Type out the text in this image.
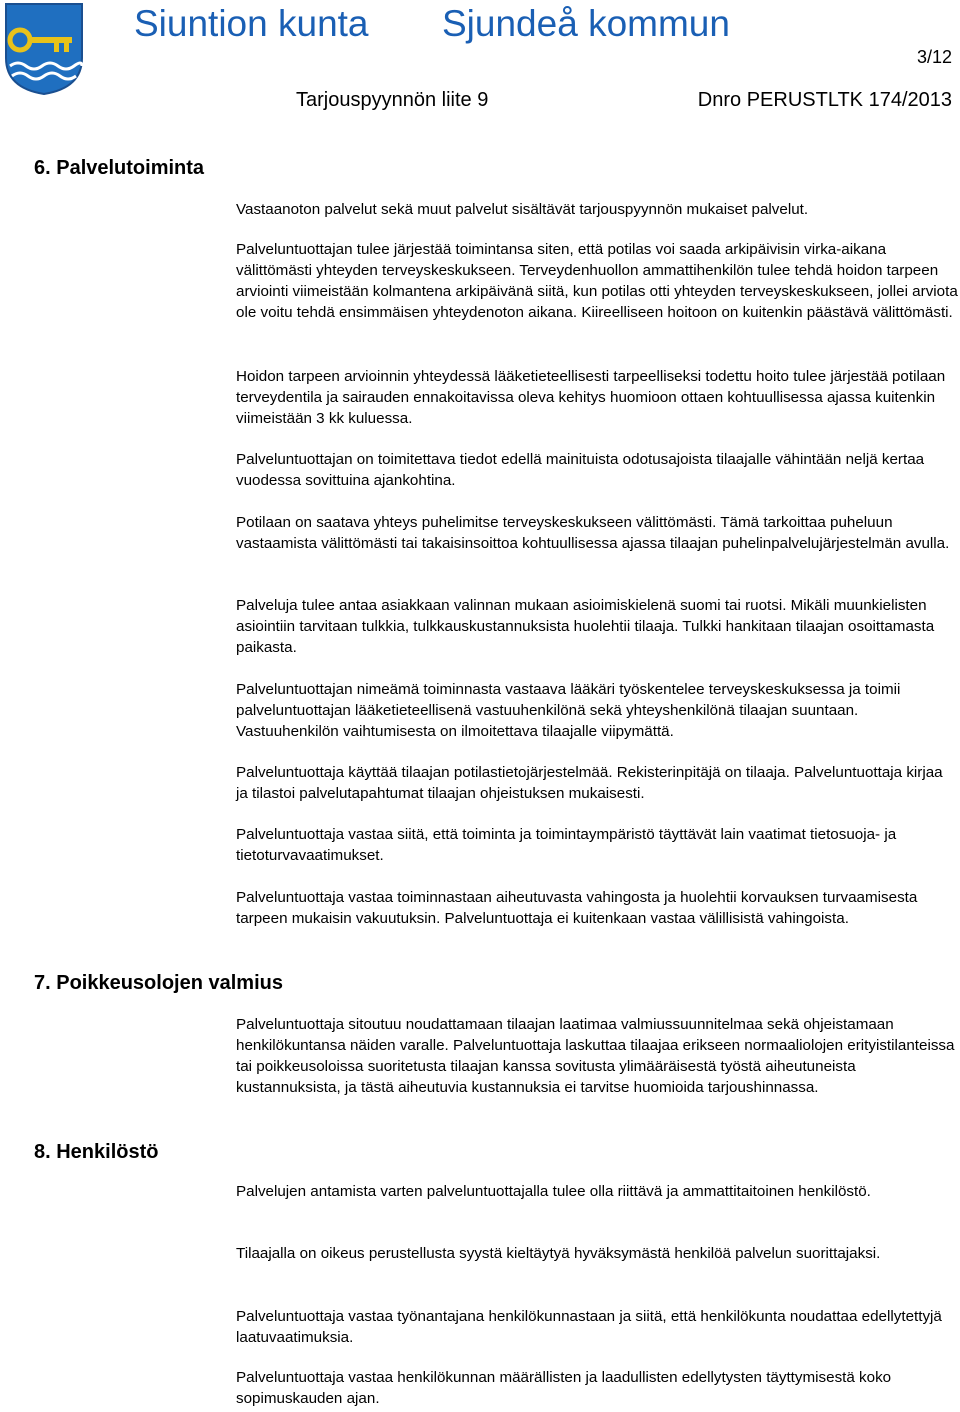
Siuntion kunta Sjundeå kommun
3/12
Tarjouspyynnön liite 9	Dnro PERUSTLTK 174/2013
6. Palvelutoiminta

Vastaanoton palvelut sekä muut palvelut sisältävät tarjouspyynnön mukaiset palvelut.

Palveluntuottajan tulee järjestää toimintansa siten, että potilas voi saada arkipäivisin virka-aikana välittömästi yhteyden terveyskeskukseen. Terveydenhuollon ammattihenkilön tulee tehdä hoidon tarpeen arviointi viimeistään kolmantena arkipäivänä siitä, kun potilas otti yhteyden terveyskeskukseen, jollei arviota ole voitu tehdä ensimmäisen yhteydenoton aikana. Kiireelliseen hoitoon on kuitenkin päästävä välittömästi.

Hoidon tarpeen arvioinnin yhteydessä lääketieteellisesti tarpeelliseksi todettu hoito tulee järjestää potilaan terveydentila ja sairauden ennakoitavissa oleva kehitys huomioon ottaen kohtuullisessa ajassa kuitenkin viimeistään 3 kk kuluessa.

Palveluntuottajan on toimitettava tiedot edellä mainituista odotusajoista tilaajalle vähintään neljä kertaa vuodessa sovittuina ajankohtina.

Potilaan on saatava yhteys puhelimitse terveyskeskukseen välittömästi. Tämä tarkoittaa puheluun vastaamista välittömästi tai takaisinsoittoa kohtuullisessa ajassa tilaajan puhelinpalvelujärjestelmän avulla.

Palveluja tulee antaa asiakkaan valinnan mukaan asioimiskielenä suomi tai ruotsi. Mikäli muunkielisten asiointiin tarvitaan tulkkia, tulkkauskustannuksista huolehtii tilaaja. Tulkki hankitaan tilaajan osoittamasta paikasta.

Palveluntuottajan nimeämä toiminnasta vastaava lääkäri työskentelee terveyskeskuksessa ja toimii palveluntuottajan lääketieteellisenä vastuuhenkilönä sekä yhteyshenkilönä tilaajan suuntaan. Vastuuhenkilön vaihtumisesta on ilmoitettava tilaajalle viipymättä.

Palveluntuottaja käyttää tilaajan potilastietojärjestelmää. Rekisterinpitäjä on tilaaja. Palveluntuottaja kirjaa ja tilastoi palvelutapahtumat tilaajan ohjeistuksen mukaisesti.

Palveluntuottaja vastaa siitä, että toiminta ja toimintaympäristö täyttävät lain vaatimat tietosuoja- ja tietoturvavaatimukset.

Palveluntuottaja vastaa toiminnastaan aiheutuvasta vahingosta ja huolehtii korvauksen turvaamisesta tarpeen mukaisin vakuutuksin. Palveluntuottaja ei kuitenkaan vastaa välillisistä vahingoista.

7. Poikkeusolojen valmius

Palveluntuottaja sitoutuu noudattamaan tilaajan laatimaa valmiussuunnitelmaa sekä ohjeistamaan henkilökuntansa näiden varalle. Palveluntuottaja laskuttaa tilaajaa erikseen normaaliolojen erityistilanteissa tai poikkeusoloissa suoritetusta tilaajan kanssa sovitusta ylimääräisestä työstä aiheutuneista kustannuksista, ja tästä aiheutuvia kustannuksia ei tarvitse huomioida tarjoushinnassa.

8. Henkilöstö

Palvelujen antamista varten palveluntuottajalla tulee olla riittävä ja ammattitaitoinen henkilöstö.

Tilaajalla on oikeus perustellusta syystä kieltäytyä hyväksymästä henkilöä palvelun suorittajaksi.

Palveluntuottaja vastaa työnantajana henkilökunnastaan ja siitä, että henkilökunta noudattaa edellytettyjä laatuvaatimuksia.

Palveluntuottaja vastaa henkilökunnan määrällisten ja laadullisten edellytysten täyttymisestä koko sopimuskauden ajan.
